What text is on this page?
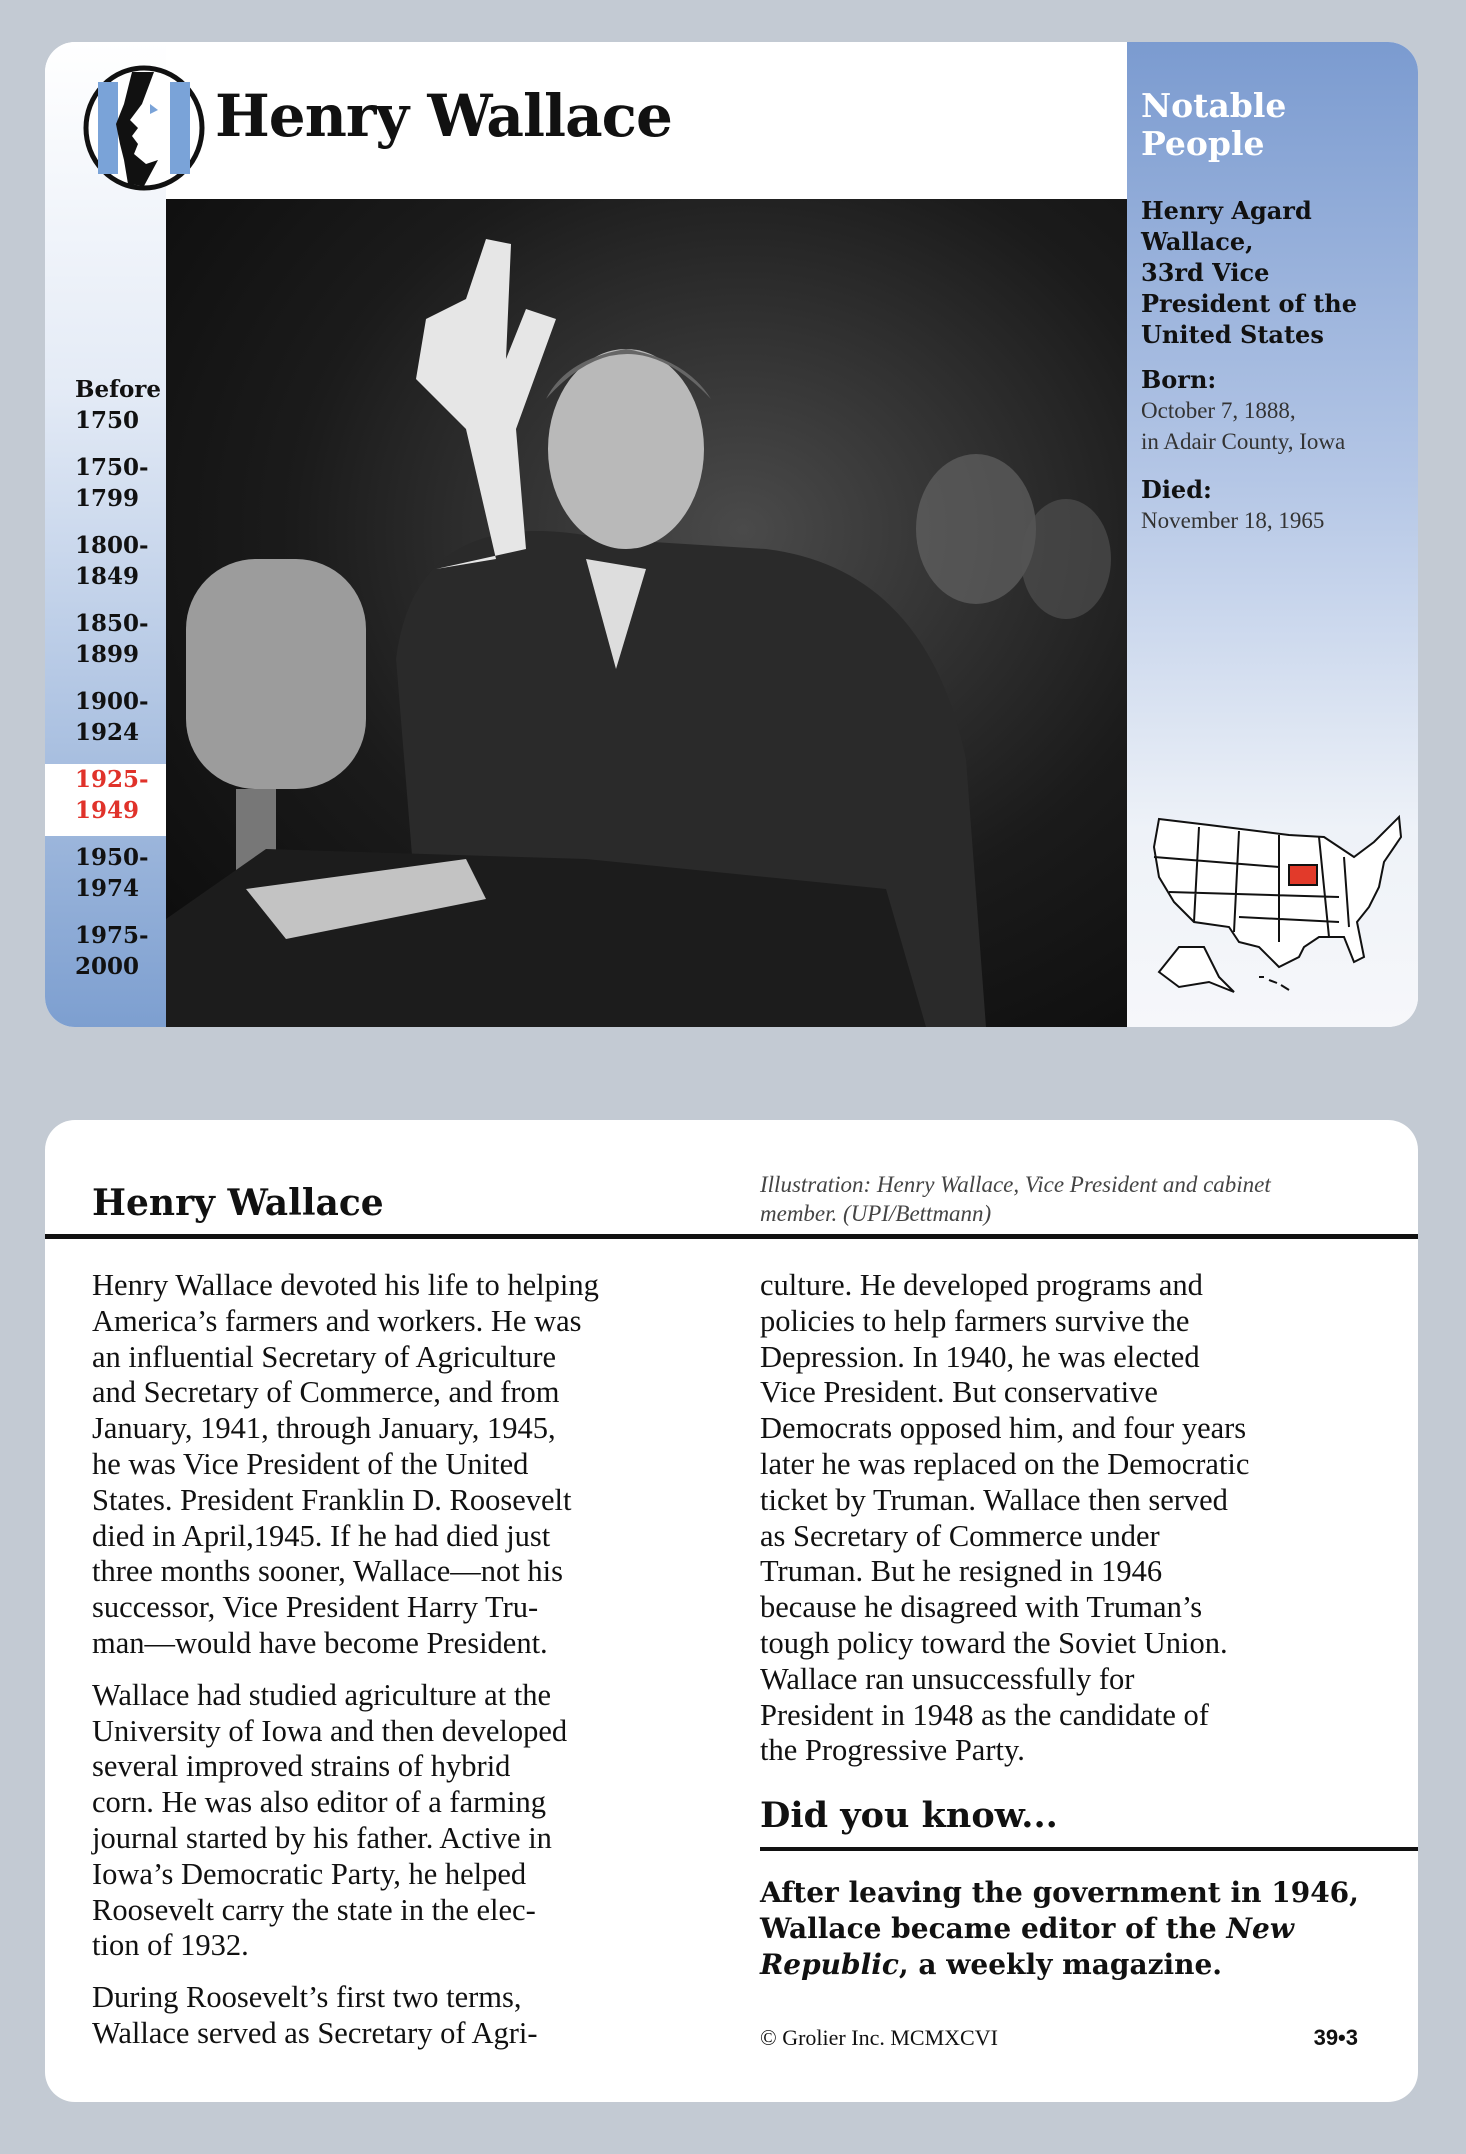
Before
1750
1750-
1799
1800-
1849
1850-
1899
1900-
1924
1925-
1949
1950-
1974
1975-
2000
Henry Wallace	Notable
People
Henry Agard
Wallace,
33rd Vice
President of the
United States
Born:
October 7, 1888,
in Adair County, Iowa
Died:
November 18, 1965
Henry Wallace	Illustration: Henry Wallace, Vice President and cabinet
member. (UPI/Bettmann)
Henry Wallace devoted his life to helping
America’s farmers and workers. He was
an influential Secretary of Agriculture
and Secretary of Commerce, and from
January, 1941, through January, 1945,
he was Vice President of the United
States. President Franklin D. Roosevelt
died in April,1945. If he had died just
three months sooner, Wallace—not his
successor, Vice President Harry Tru-
man—would have become President.
Wallace had studied agriculture at the
University of Iowa and then developed
several improved strains of hybrid
corn. He was also editor of a farming
journal started by his father. Active in
Iowa’s Democratic Party, he helped
Roosevelt carry the state in the elec-
tion of 1932.
During Roosevelt’s first two terms,
Wallace served as Secretary of Agri-
culture. He developed programs and
policies to help farmers survive the
Depression. In 1940, he was elected
Vice President. But conservative
Democrats opposed him, and four years
later he was replaced on the Democratic
ticket by Truman. Wallace then served
as Secretary of Commerce under
Truman. But he resigned in 1946
because he disagreed with Truman’s
tough policy toward the Soviet Union.
Wallace ran unsuccessfully for
President in 1948 as the candidate of
the Progressive Party.
Did you know...
After leaving the government in 1946, Wallace became editor of the New Republic, a weekly magazine.
© Grolier Inc. MCMXCVI	39•3
